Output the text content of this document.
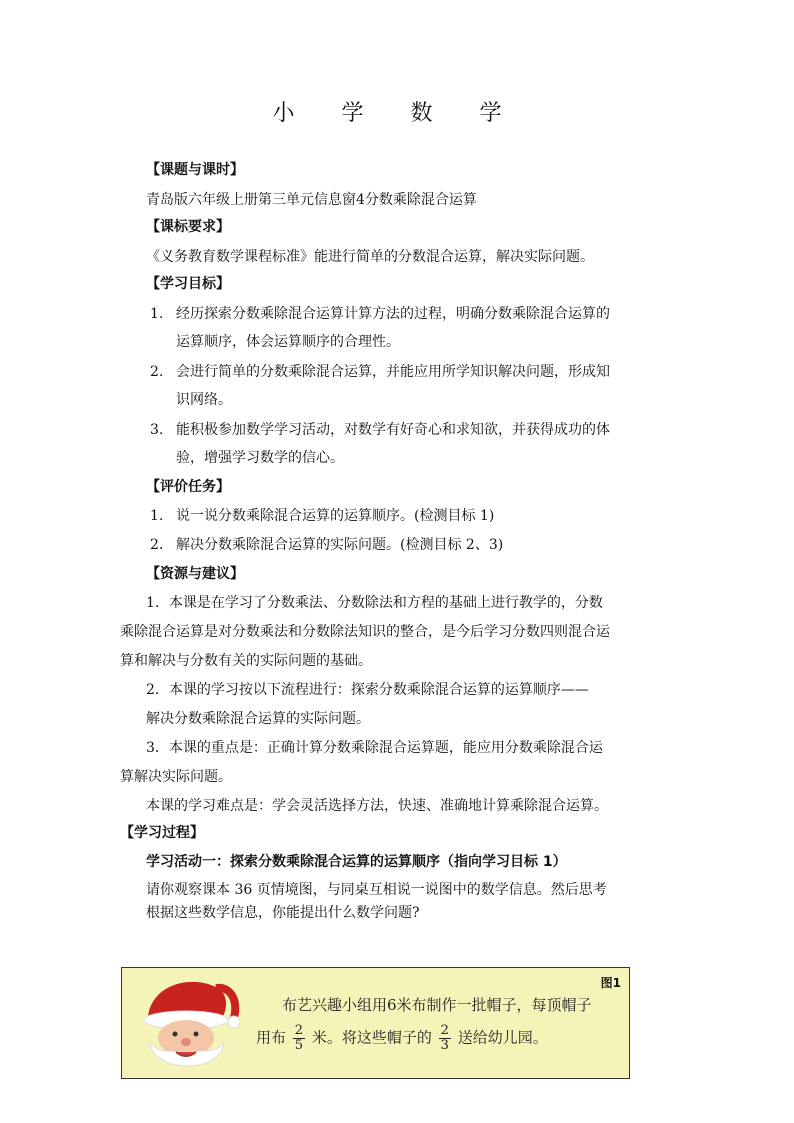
小 学 数 学
【课题与课时】
青岛版六年级上册第三单元信息窗4分数乘除混合运算
【课标要求】
《义务教育数学课程标准》能进行简单的分数混合运算，解决实际问题。
【学习目标】
1. 经历探索分数乘除混合运算计算方法的过程，明确分数乘除混合运算的
运算顺序，体会运算顺序的合理性。
2. 会进行简单的分数乘除混合运算，并能应用所学知识解决问题，形成知
识网络。
3. 能积极参加数学学习活动，对数学有好奇心和求知欲，并获得成功的体
验，增强学习数学的信心。
【评价任务】
1. 说一说分数乘除混合运算的运算顺序。(检测目标 1)
2. 解决分数乘除混合运算的实际问题。(检测目标 2、3)
【资源与建议】
1．本课是在学习了分数乘法、分数除法和方程的基础上进行教学的，分数
乘除混合运算是对分数乘法和分数除法知识的整合，是今后学习分数四则混合运
算和解决与分数有关的实际问题的基础。
2．本课的学习按以下流程进行：探索分数乘除混合运算的运算顺序——
解决分数乘除混合运算的实际问题。
3．本课的重点是：正确计算分数乘除混合运算题，能应用分数乘除混合运
算解决实际问题。
本课的学习难点是：学会灵活选择方法，快速、准确地计算乘除混合运算。
【学习过程】
学习活动一：探索分数乘除混合运算的运算顺序（指向学习目标 1）
请你观察课本 36 页情境图，与同桌互相说一说图中的数学信息。然后思考
根据这些数学信息，你能提出什么数学问题?
图1
布艺兴趣小组用6米布制作一批帽子，每顶帽子
用布 $\frac{2}{5}$ 米。将这些帽子的 $\frac{2}{3}$ 送给幼儿园。
